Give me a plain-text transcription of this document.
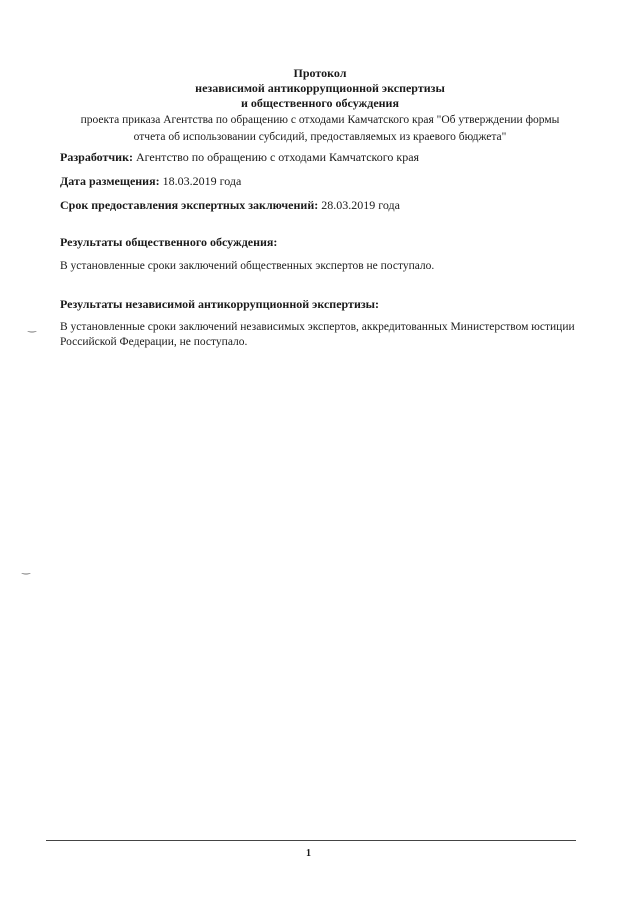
Протокол
независимой антикоррупционной экспертизы
и общественного обсуждения
проекта приказа Агентства по обращению с отходами Камчатского края "Об утверждении формы
отчета об использовании субсидий, предоставляемых из краевого бюджета"
Разработчик: Агентство по обращению с отходами Камчатского края
Дата размещения: 18.03.2019 года
Срок предоставления экспертных заключений: 28.03.2019 года
Результаты общественного обсуждения:
В установленные сроки заключений общественных экспертов не поступало.
Результаты независимой антикоррупционной экспертизы:
В установленные сроки заключений независимых экспертов, аккредитованных Министерством юстиции Российской Федерации, не поступало.
‿
‿
1
